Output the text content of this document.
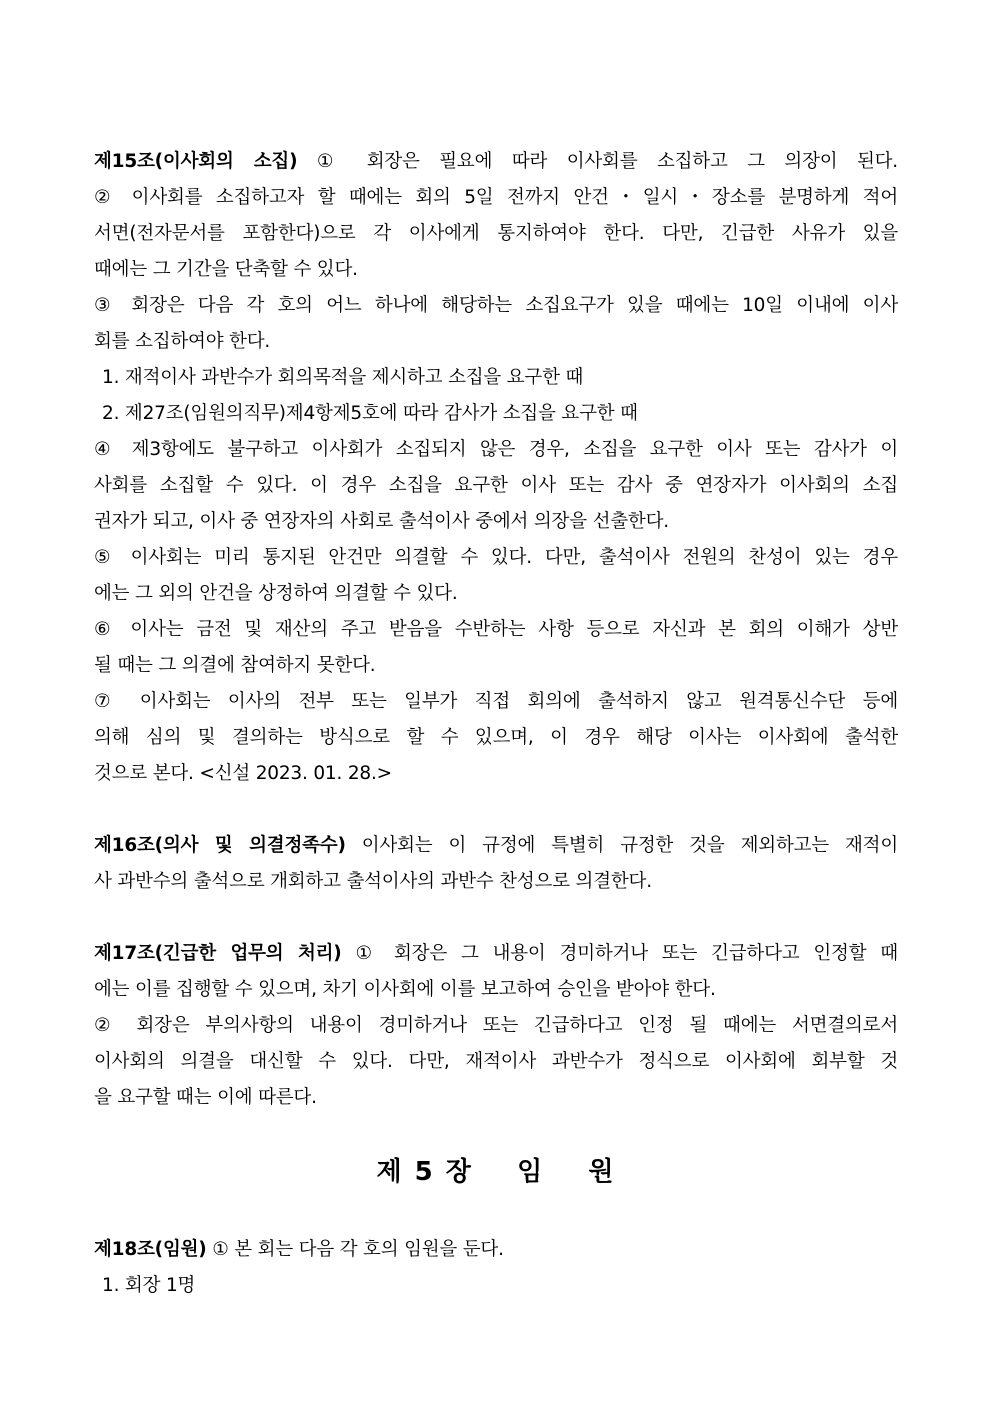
제15조(이사회의 소집) ① 회장은 필요에 따라 이사회를 소집하고 그 의장이 된다.
② 이사회를 소집하고자 할 때에는 회의 5일 전까지 안건・일시・장소를 분명하게 적어
서면(전자문서를 포함한다)으로 각 이사에게 통지하여야 한다. 다만, 긴급한 사유가 있을
때에는 그 기간을 단축할 수 있다.
③ 회장은 다음 각 호의 어느 하나에 해당하는 소집요구가 있을 때에는 10일 이내에 이사
회를 소집하여야 한다.
1. 재적이사 과반수가 회의목적을 제시하고 소집을 요구한 때
2. 제27조(임원의직무)제4항제5호에 따라 감사가 소집을 요구한 때
④ 제3항에도 불구하고 이사회가 소집되지 않은 경우, 소집을 요구한 이사 또는 감사가 이
사회를 소집할 수 있다. 이 경우 소집을 요구한 이사 또는 감사 중 연장자가 이사회의 소집
권자가 되고, 이사 중 연장자의 사회로 출석이사 중에서 의장을 선출한다.
⑤ 이사회는 미리 통지된 안건만 의결할 수 있다. 다만, 출석이사 전원의 찬성이 있는 경우
에는 그 외의 안건을 상정하여 의결할 수 있다.
⑥ 이사는 금전 및 재산의 주고 받음을 수반하는 사항 등으로 자신과 본 회의 이해가 상반
될 때는 그 의결에 참여하지 못한다.
⑦ 이사회는 이사의 전부 또는 일부가 직접 회의에 출석하지 않고 원격통신수단 등에
의해 심의 및 결의하는 방식으로 할 수 있으며, 이 경우 해당 이사는 이사회에 출석한
것으로 본다. <신설 2023. 01. 28.>
제16조(의사 및 의결정족수) 이사회는 이 규정에 특별히 규정한 것을 제외하고는 재적이
사 과반수의 출석으로 개회하고 출석이사의 과반수 찬성으로 의결한다.
제17조(긴급한 업무의 처리) ① 회장은 그 내용이 경미하거나 또는 긴급하다고 인정할 때
에는 이를 집행할 수 있으며, 차기 이사회에 이를 보고하여 승인을 받아야 한다.
② 회장은 부의사항의 내용이 경미하거나 또는 긴급하다고 인정 될 때에는 서면결의로서
이사회의 의결을 대신할 수 있다. 다만, 재적이사 과반수가 정식으로 이사회에 회부할 것
을 요구할 때는 이에 따른다.
제 5 장    임    원
제18조(임원) ① 본 회는 다음 각 호의 임원을 둔다.
1. 회장 1명
